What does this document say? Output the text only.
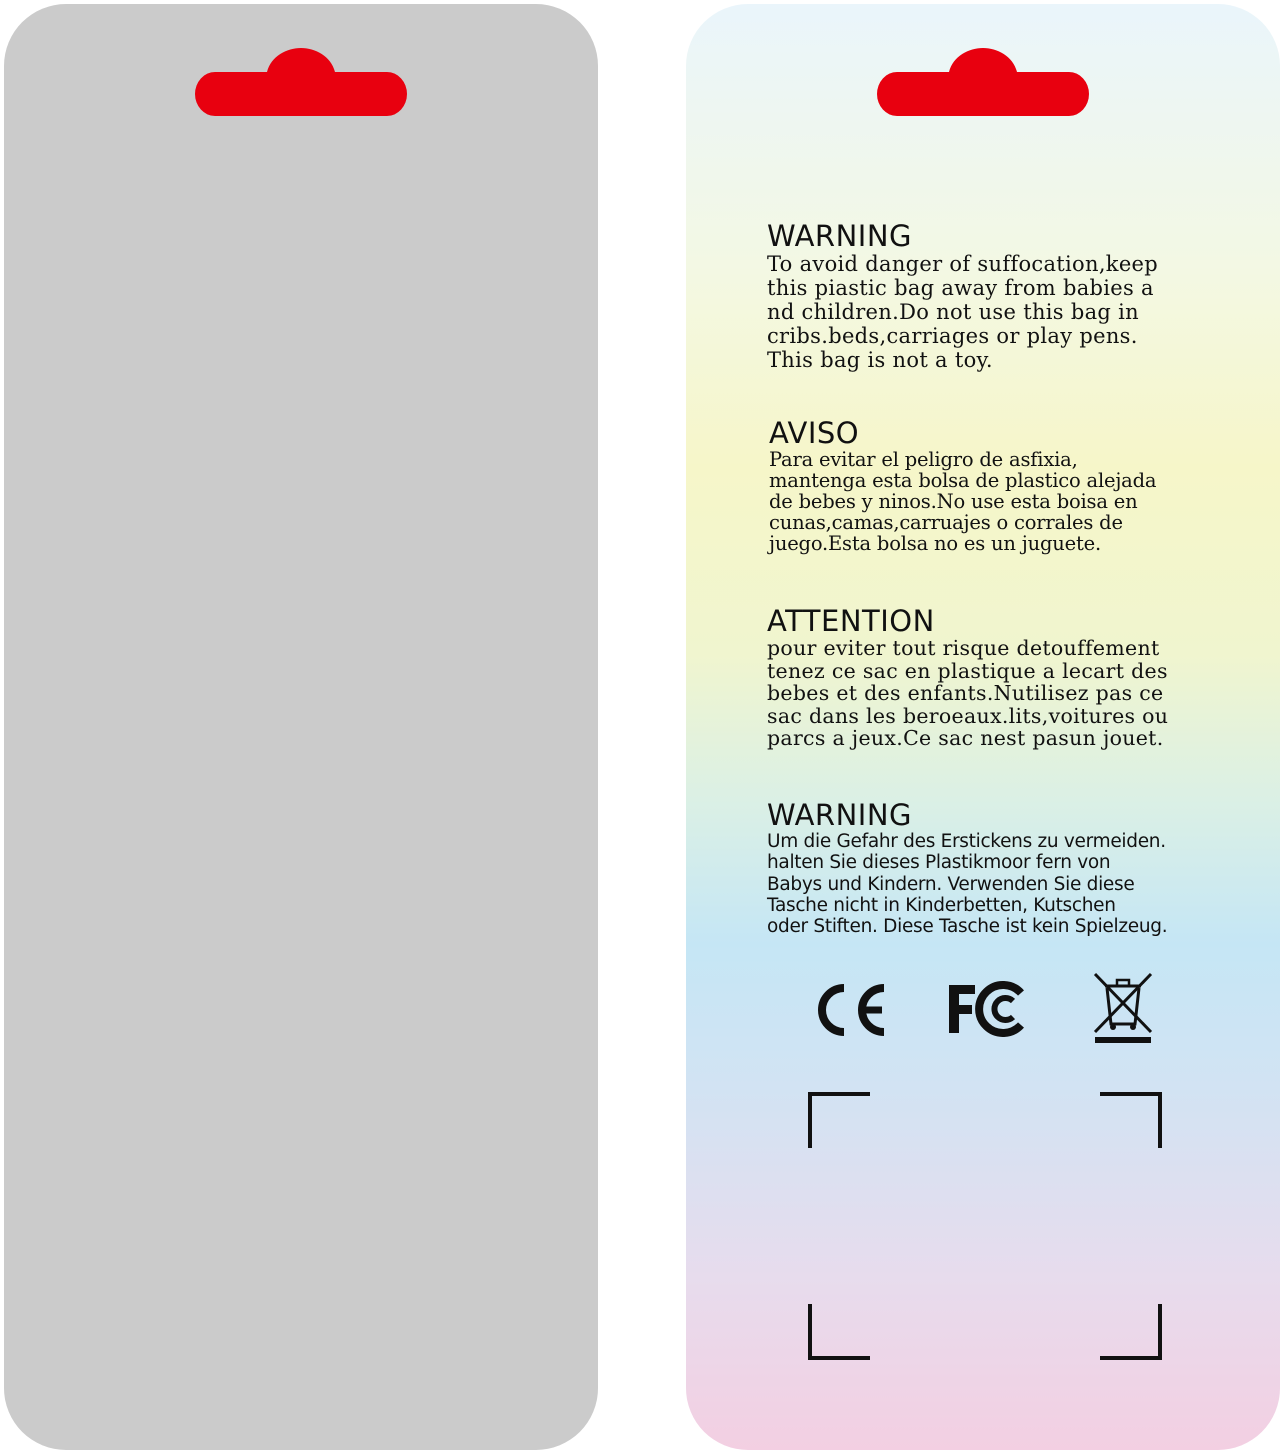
WARNING
To avoid danger of suffocation,keep
this piastic bag away from babies a
nd children.Do not use this bag in
cribs.beds,carriages or play pens.
This bag is not a toy.
AVISO
Para evitar el peligro de asfixia,
mantenga esta bolsa de plastico alejada
de bebes y ninos.No use esta boisa en
cunas,camas,carruajes o corrales de
juego.Esta bolsa no es un juguete.
ATTENTION
pour eviter tout risque detouffement
tenez ce sac en plastique a lecart des
bebes et des enfants.Nutilisez pas ce
sac dans les beroeaux.lits,voitures ou
parcs a jeux.Ce sac nest pasun jouet.
WARNING
Um die Gefahr des Erstickens zu vermeiden.
halten Sie dieses Plastikmoor fern von
Babys und Kindern. Verwenden Sie diese
Tasche nicht in Kinderbetten, Kutschen
oder Stiften. Diese Tasche ist kein Spielzeug.
